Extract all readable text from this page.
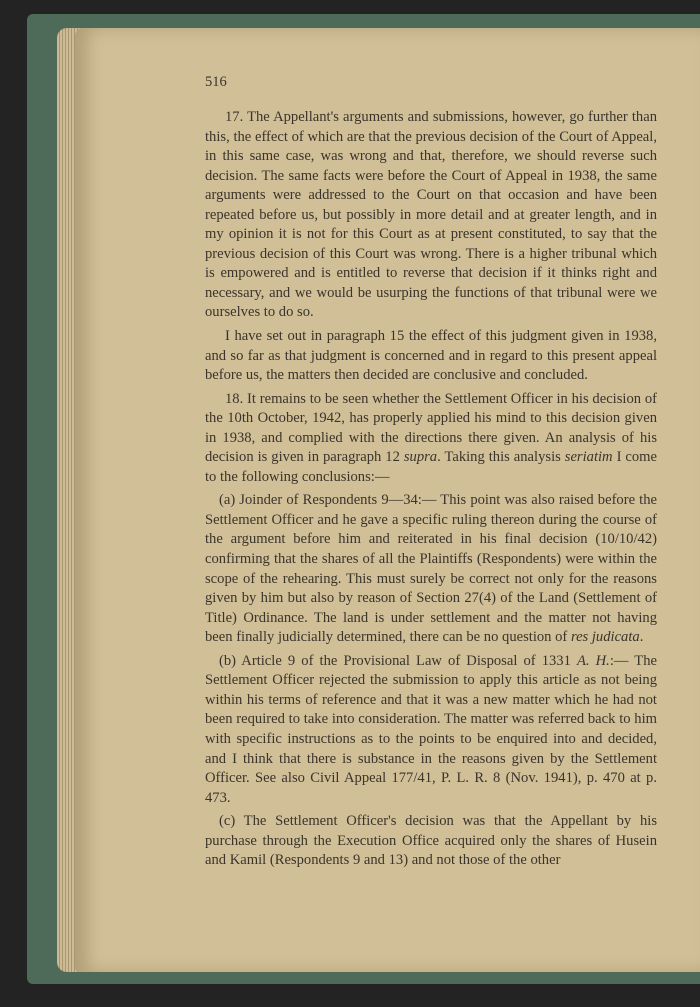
516

17. The Appellant's arguments and submissions, however, go further than this, the effect of which are that the previous decision of the Court of Appeal, in this same case, was wrong and that, therefore, we should reverse such decision. The same facts were before the Court of Appeal in 1938, the same arguments were addressed to the Court on that occasion and have been repeated before us, but possibly in more detail and at greater length, and in my opinion it is not for this Court as at present constituted, to say that the previous decision of this Court was wrong. There is a higher tribunal which is empowered and is entitled to reverse that decision if it thinks right and necessary, and we would be usurping the functions of that tribunal were we ourselves to do so.

I have set out in paragraph 15 the effect of this judgment given in 1938, and so far as that judgment is concerned and in regard to this present appeal before us, the matters then decided are conclusive and concluded.

18. It remains to be seen whether the Settlement Officer in his decision of the 10th October, 1942, has properly applied his mind to this decision given in 1938, and complied with the directions there given. An analysis of his decision is given in paragraph 12 supra. Taking this analysis seriatim I come to the following conclusions:—

(a) Joinder of Respondents 9—34:— This point was also raised before the Settlement Officer and he gave a specific ruling thereon during the course of the argument before him and reiterated in his final decision (10/10/42) confirming that the shares of all the Plaintiffs (Respondents) were within the scope of the rehearing. This must surely be correct not only for the reasons given by him but also by reason of Section 27(4) of the Land (Settlement of Title) Ordinance. The land is under settlement and the matter not having been finally judicially determined, there can be no question of res judicata.

(b) Article 9 of the Provisional Law of Disposal of 1331 A. H.:— The Settlement Officer rejected the submission to apply this article as not being within his terms of reference and that it was a new matter which he had not been required to take into consideration. The matter was referred back to him with specific instructions as to the points to be enquired into and decided, and I think that there is substance in the reasons given by the Settlement Officer. See also Civil Appeal 177/41, P. L. R. 8 (Nov. 1941), p. 470 at p. 473.

(c) The Settlement Officer's decision was that the Appellant by his purchase through the Execution Office acquired only the shares of Husein and Kamil (Respondents 9 and 13) and not those of the other
